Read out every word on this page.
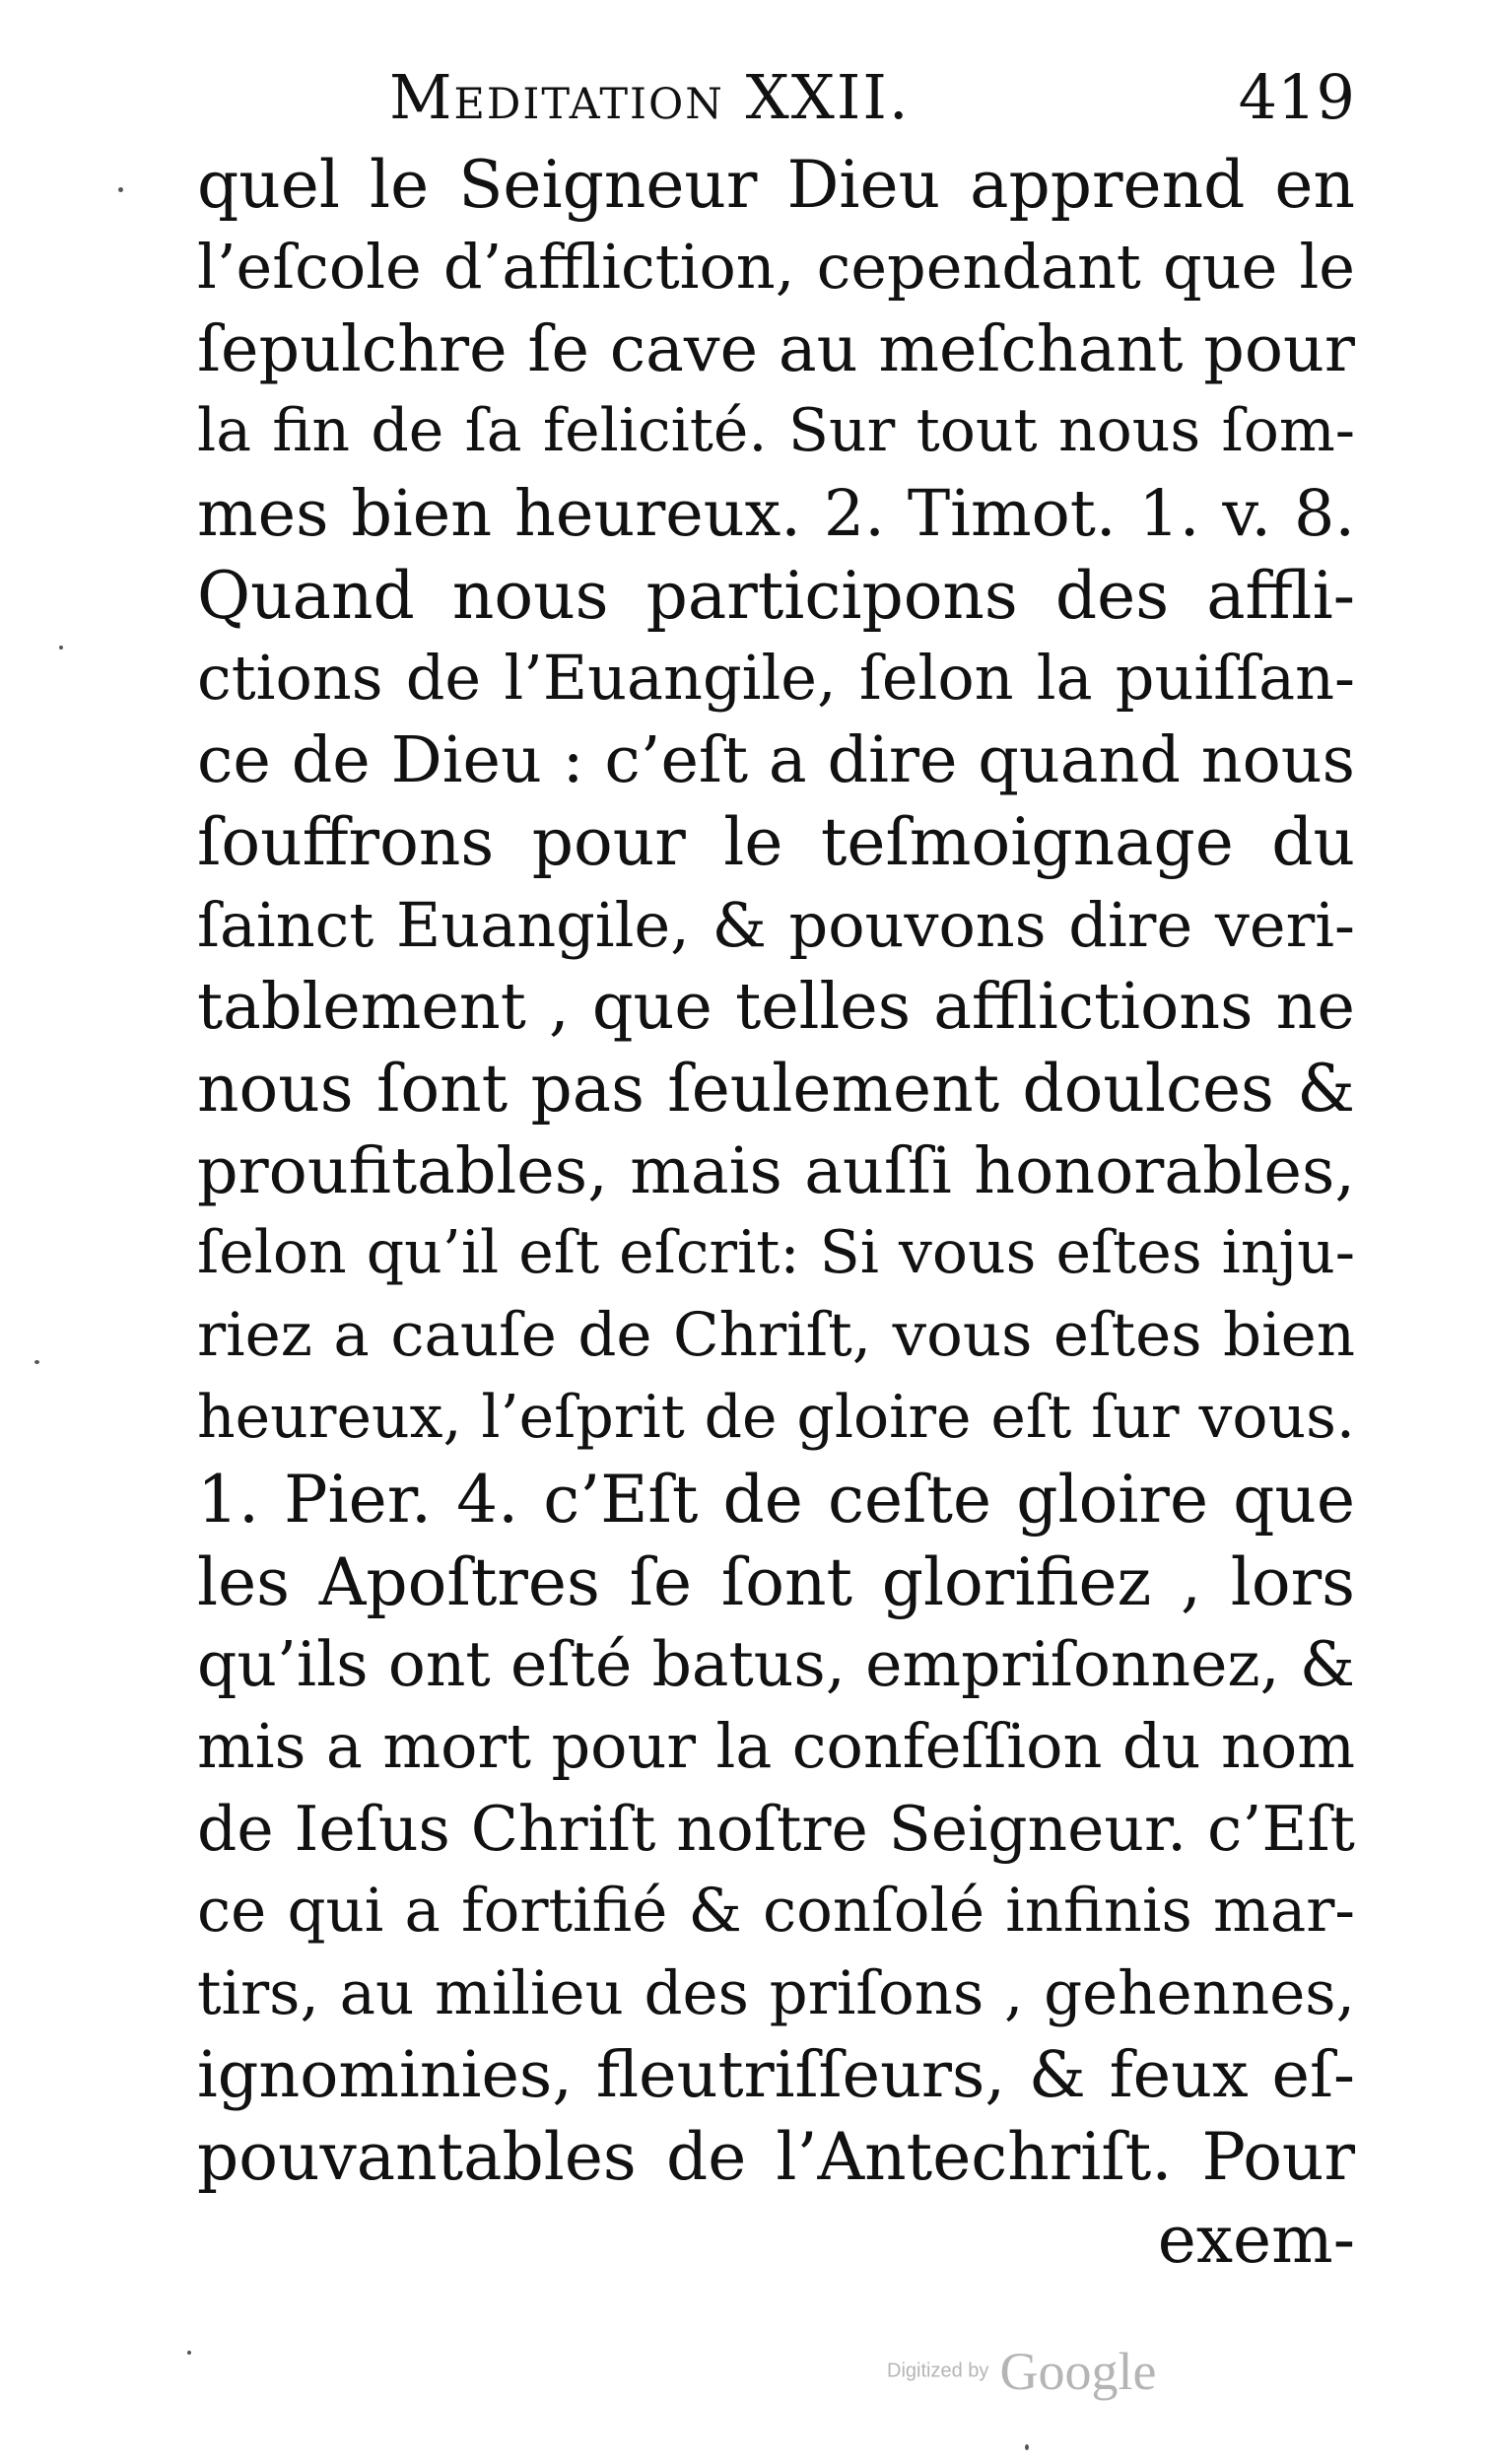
Meditation XXII.	419
quel le Seigneur Dieu apprend en
l’eſcole d’affliction, cependant que le
ſepulchre ſe cave au meſchant pour
la fin de ſa felicité. Sur tout nous ſom-
mes bien heureux. 2. Timot. 1. v. 8.
Quand nous participons des affli-
ctions de l’Euangile, ſelon la puiſſan-
ce de Dieu : c’eſt a dire quand nous
ſouffrons pour le teſmoignage du
ſainct Euangile, & pouvons dire veri-
tablement , que telles afflictions ne
nous ſont pas ſeulement doulces &
proufitables, mais auſſi honorables,
ſelon qu’il eſt eſcrit: Si vous eſtes inju-
riez a cauſe de Chriſt, vous eſtes bien
heureux, l’eſprit de gloire eſt ſur vous.
1. Pier. 4. c’Eſt de ceſte gloire que
les Apoſtres ſe ſont glorifiez , lors
qu’ils ont eſté batus, empriſonnez, &
mis a mort pour la confeſſion du nom
de Ieſus Chriſt noſtre Seigneur. c’Eſt
ce qui a fortifié & conſolé infinis mar-
tirs, au milieu des priſons , gehennes,
ignominies, fleutriſſeurs, & feux eſ-
pouvantables de l’Antechriſt. Pour
exem-
Digitized by Google
